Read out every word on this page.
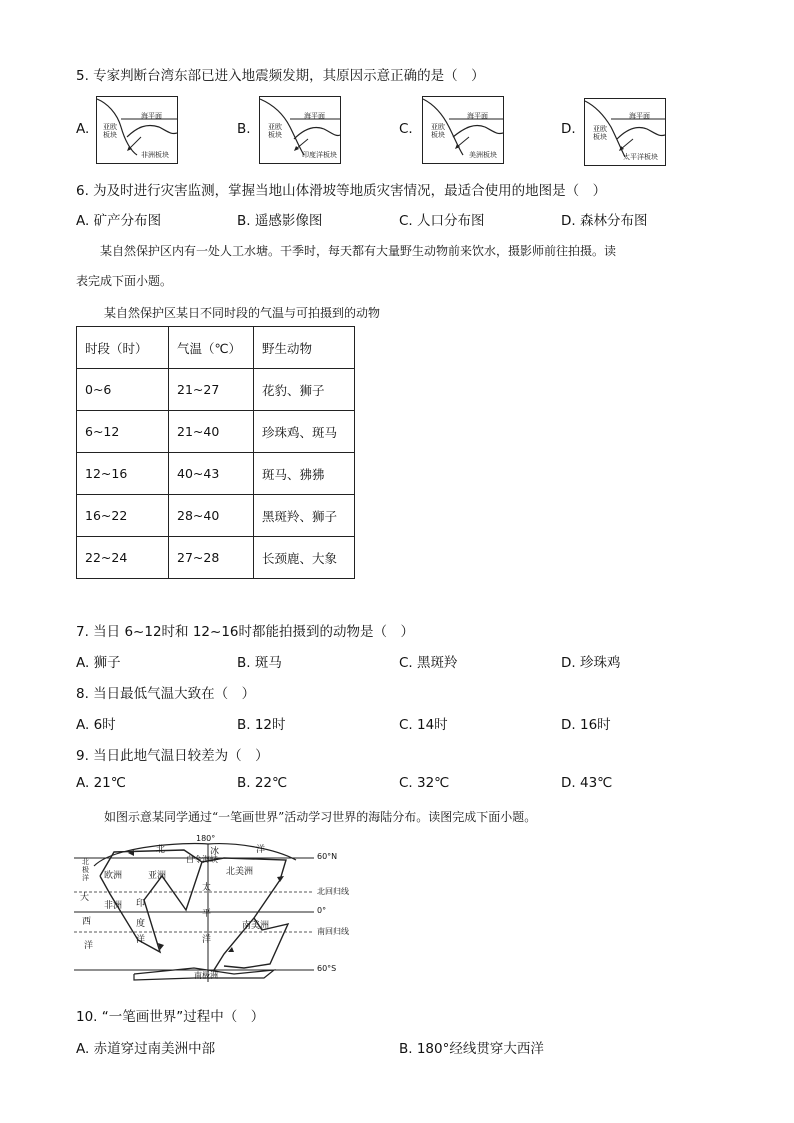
5. 专家判断台湾东部已进入地震频发期，其原因示意正确的是（　）
A.
海平面
亚欧板块
非洲板块
B.
海平面
亚欧板块
印度洋板块
C.
海平面
亚欧板块
美洲板块
D.
海平面
亚欧板块
太平洋板块
6. 为及时进行灾害监测，掌握当地山体滑坡等地质灾害情况，最适合使用的地图是（　）
A. 矿产分布图	B. 遥感影像图	C. 人口分布图	D. 森林分布图
某自然保护区内有一处人工水塘。干季时，每天都有大量野生动物前来饮水，摄影师前往拍摄。读
表完成下面小题。
某自然保护区某日不同时段的气温与可拍摄到的动物
时段（时）	气温（℃）	野生动物
0~6	21~27	花豹、狮子
6~12	21~40	珍珠鸡、斑马
12~16	40~43	斑马、狒狒
16~22	28~40	黑斑羚、狮子
22~24	27~28	长颈鹿、大象
7. 当日 6~12时和 12~16时都能拍摄到的动物是（　）
A. 狮子	B. 斑马	C. 黑斑羚	D. 珍珠鸡
8. 当日最低气温大致在（　）
A. 6时	B. 12时	C. 14时	D. 16时
9. 当日此地气温日较差为（　）
A. 21℃	B. 22℃	C. 32℃	D. 43℃
如图示意某同学通过“一笔画世界”活动学习世界的海陆分布。读图完成下面小题。
180°
60°N
北回归线
0°
南回归线
60°S
北	冰	洋
白令海峡
北极洋	欧洲	亚洲	北美洲
非洲
南美洲
南极洲
大
西
洋
印
度
洋
太
平
洋
10. “一笔画世界”过程中（　）
A. 赤道穿过南美洲中部	B. 180°经线贯穿大西洋
